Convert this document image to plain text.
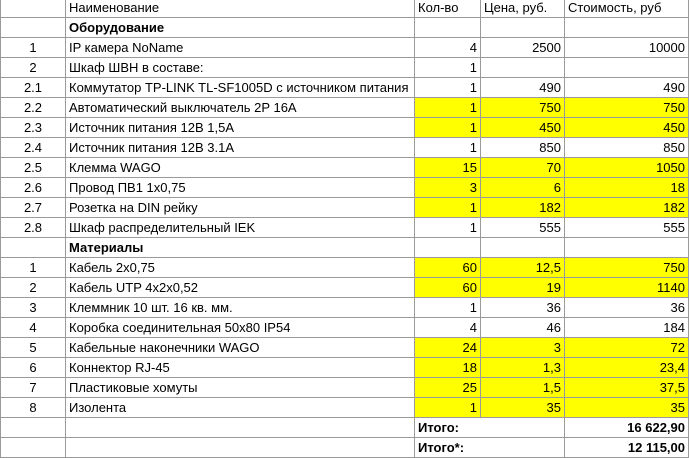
	Наименование	Кол-во	Цена, руб.	Стоимость, руб
	Оборудование			
1	IP камера NoName	4	2500	10000
2	Шкаф ШВН в составе:	1		
2.1	Коммутатор TP-LINK TL-SF1005D с источником питания	1	490	490
2.2	Автоматический выключатель 2P 16A	1	750	750
2.3	Источник питания 12В 1,5А	1	450	450
2.4	Источник питания 12В 3.1А	1	850	850
2.5	Клемма WAGO	15	70	1050
2.6	Провод ПВ1 1х0,75	3	6	18
2.7	Розетка на DIN рейку	1	182	182
2.8	Шкаф распределительный IEK	1	555	555
	Материалы			
1	Кабель 2х0,75	60	12,5	750
2	Кабель UTP 4х2х0,52	60	19	1140
3	Клеммник 10 шт. 16 кв. мм.	1	36	36
4	Коробка соединительная 50х80 IP54	4	46	184
5	Кабельные наконечники WAGO	24	3	72
6	Коннектор RJ-45	18	1,3	23,4
7	Пластиковые хомуты	25	1,5	37,5
8	Изолента	1	35	35
		Итого:		16 622,90
		Итого*:		12 115,00
